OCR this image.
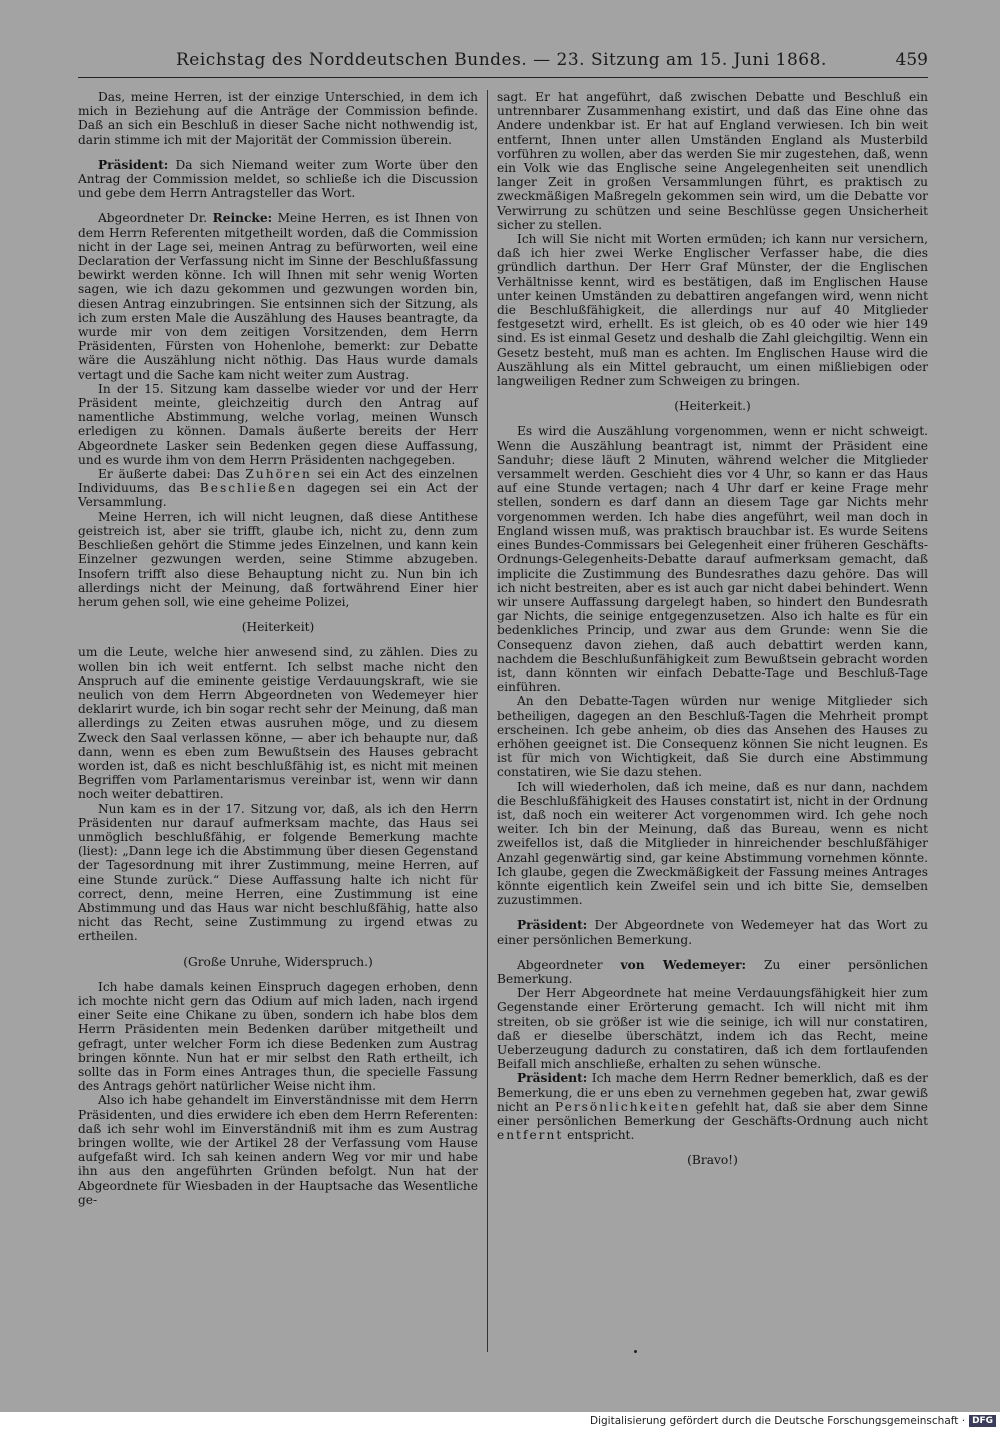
Reichstag des Norddeutschen Bundes. — 23. Sitzung am 15. Juni 1868.	459

Das, meine Herren, ist der einzige Unterschied, in dem ich mich in Beziehung auf die Anträge der Commission befinde. Daß an sich ein Beschluß in dieser Sache nicht nothwendig ist, darin stimme ich mit der Majorität der Commission überein.

Präsident: Da sich Niemand weiter zum Worte über den Antrag der Commission meldet, so schließe ich die Discussion und gebe dem Herrn Antragsteller das Wort.

Abgeordneter Dr. Reincke: Meine Herren, es ist Ihnen von dem Herrn Referenten mitgetheilt worden, daß die Commission nicht in der Lage sei, meinen Antrag zu befürworten, weil eine Declaration der Verfassung nicht im Sinne der Beschlußfassung bewirkt werden könne. Ich will Ihnen mit sehr wenig Worten sagen, wie ich dazu gekommen und gezwungen worden bin, diesen Antrag einzubringen. Sie entsinnen sich der Sitzung, als ich zum ersten Male die Auszählung des Hauses beantragte, da wurde mir von dem zeitigen Vorsitzenden, dem Herrn Präsidenten, Fürsten von Hohenlohe, bemerkt: zur Debatte wäre die Auszählung nicht nöthig. Das Haus wurde damals vertagt und die Sache kam nicht weiter zum Austrag.

In der 15. Sitzung kam dasselbe wieder vor und der Herr Präsident meinte, gleichzeitig durch den Antrag auf namentliche Abstimmung, welche vorlag, meinen Wunsch erledigen zu können. Damals äußerte bereits der Herr Abgeordnete Lasker sein Bedenken gegen diese Auffassung, und es wurde ihm von dem Herrn Präsidenten nachgegeben.

Er äußerte dabei: Das Zuhören sei ein Act des einzelnen Individuums, das Beschließen dagegen sei ein Act der Versammlung.

Meine Herren, ich will nicht leugnen, daß diese Antithese geistreich ist, aber sie trifft, glaube ich, nicht zu, denn zum Beschließen gehört die Stimme jedes Einzelnen, und kann kein Einzelner gezwungen werden, seine Stimme abzugeben. Insofern trifft also diese Behauptung nicht zu. Nun bin ich allerdings nicht der Meinung, daß fortwährend Einer hier herum gehen soll, wie eine geheime Polizei,

(Heiterkeit)

um die Leute, welche hier anwesend sind, zu zählen. Dies zu wollen bin ich weit entfernt. Ich selbst mache nicht den Anspruch auf die eminente geistige Verdauungskraft, wie sie neulich von dem Herrn Abgeordneten von Wedemeyer hier deklarirt wurde, ich bin sogar recht sehr der Meinung, daß man allerdings zu Zeiten etwas ausruhen möge, und zu diesem Zweck den Saal verlassen könne, — aber ich behaupte nur, daß dann, wenn es eben zum Bewußtsein des Hauses gebracht worden ist, daß es nicht beschlußfähig ist, es nicht mit meinen Begriffen vom Parlamentarismus vereinbar ist, wenn wir dann noch weiter debattiren.

Nun kam es in der 17. Sitzung vor, daß, als ich den Herrn Präsidenten nur darauf aufmerksam machte, das Haus sei unmöglich beschlußfähig, er folgende Bemerkung machte (liest): „Dann lege ich die Abstimmung über diesen Gegenstand der Tagesordnung mit ihrer Zustimmung, meine Herren, auf eine Stunde zurück.“ Diese Auffassung halte ich nicht für correct, denn, meine Herren, eine Zustimmung ist eine Abstimmung und das Haus war nicht beschlußfähig, hatte also nicht das Recht, seine Zustimmung zu irgend etwas zu ertheilen.

(Große Unruhe, Widerspruch.)

Ich habe damals keinen Einspruch dagegen erhoben, denn ich mochte nicht gern das Odium auf mich laden, nach irgend einer Seite eine Chikane zu üben, sondern ich habe blos dem Herrn Präsidenten mein Bedenken darüber mitgetheilt und gefragt, unter welcher Form ich diese Bedenken zum Austrag bringen könnte. Nun hat er mir selbst den Rath ertheilt, ich sollte das in Form eines Antrages thun, die specielle Fassung des Antrags gehört natürlicher Weise nicht ihm.

Also ich habe gehandelt im Einverständnisse mit dem Herrn Präsidenten, und dies erwidere ich eben dem Herrn Referenten: daß ich sehr wohl im Einverständniß mit ihm es zum Austrag bringen wollte, wie der Artikel 28 der Verfassung vom Hause aufgefaßt wird. Ich sah keinen andern Weg vor mir und habe ihn aus den angeführten Gründen befolgt. Nun hat der Abgeordnete für Wiesbaden in der Hauptsache das Wesentliche ge-

sagt. Er hat angeführt, daß zwischen Debatte und Beschluß ein untrennbarer Zusammenhang existirt, und daß das Eine ohne das Andere undenkbar ist. Er hat auf England verwiesen. Ich bin weit entfernt, Ihnen unter allen Umständen England als Musterbild vorführen zu wollen, aber das werden Sie mir zugestehen, daß, wenn ein Volk wie das Englische seine Angelegenheiten seit unendlich langer Zeit in großen Versammlungen führt, es praktisch zu zweckmäßigen Maßregeln gekommen sein wird, um die Debatte vor Verwirrung zu schützen und seine Beschlüsse gegen Unsicherheit sicher zu stellen.

Ich will Sie nicht mit Worten ermüden; ich kann nur versichern, daß ich hier zwei Werke Englischer Verfasser habe, die dies gründlich darthun. Der Herr Graf Münster, der die Englischen Verhältnisse kennt, wird es bestätigen, daß im Englischen Hause unter keinen Umständen zu debattiren angefangen wird, wenn nicht die Beschlußfähigkeit, die allerdings nur auf 40 Mitglieder festgesetzt wird, erhellt. Es ist gleich, ob es 40 oder wie hier 149 sind. Es ist einmal Gesetz und deshalb die Zahl gleichgiltig. Wenn ein Gesetz besteht, muß man es achten. Im Englischen Hause wird die Auszählung als ein Mittel gebraucht, um einen mißliebigen oder langweiligen Redner zum Schweigen zu bringen.

(Heiterkeit.)

Es wird die Auszählung vorgenommen, wenn er nicht schweigt. Wenn die Auszählung beantragt ist, nimmt der Präsident eine Sanduhr; diese läuft 2 Minuten, während welcher die Mitglieder versammelt werden. Geschieht dies vor 4 Uhr, so kann er das Haus auf eine Stunde vertagen; nach 4 Uhr darf er keine Frage mehr stellen, sondern es darf dann an diesem Tage gar Nichts mehr vorgenommen werden. Ich habe dies angeführt, weil man doch in England wissen muß, was praktisch brauchbar ist. Es wurde Seitens eines Bundes-Commissars bei Gelegenheit einer früheren Geschäfts-Ordnungs-Gelegenheits-Debatte darauf aufmerksam gemacht, daß implicite die Zustimmung des Bundesrathes dazu gehöre. Das will ich nicht bestreiten, aber es ist auch gar nicht dabei behindert. Wenn wir unsere Auffassung dargelegt haben, so hindert den Bundesrath gar Nichts, die seinige entgegenzusetzen. Also ich halte es für ein bedenkliches Princip, und zwar aus dem Grunde: wenn Sie die Consequenz davon ziehen, daß auch debattirt werden kann, nachdem die Beschlußunfähigkeit zum Bewußtsein gebracht worden ist, dann könnten wir einfach Debatte-Tage und Beschluß-Tage einführen.

An den Debatte-Tagen würden nur wenige Mitglieder sich betheiligen, dagegen an den Beschluß-Tagen die Mehrheit prompt erscheinen. Ich gebe anheim, ob dies das Ansehen des Hauses zu erhöhen geeignet ist. Die Consequenz können Sie nicht leugnen. Es ist für mich von Wichtigkeit, daß Sie durch eine Abstimmung constatiren, wie Sie dazu stehen.

Ich will wiederholen, daß ich meine, daß es nur dann, nachdem die Beschlußfähigkeit des Hauses constatirt ist, nicht in der Ordnung ist, daß noch ein weiterer Act vorgenommen wird. Ich gehe noch weiter. Ich bin der Meinung, daß das Bureau, wenn es nicht zweifellos ist, daß die Mitglieder in hinreichender beschlußfähiger Anzahl gegenwärtig sind, gar keine Abstimmung vornehmen könnte. Ich glaube, gegen die Zweckmäßigkeit der Fassung meines Antrages könnte eigentlich kein Zweifel sein und ich bitte Sie, demselben zuzustimmen.

Präsident: Der Abgeordnete von Wedemeyer hat das Wort zu einer persönlichen Bemerkung.

Abgeordneter von Wedemeyer: Zu einer persönlichen Bemerkung.

Der Herr Abgeordnete hat meine Verdauungsfähigkeit hier zum Gegenstande einer Erörterung gemacht. Ich will nicht mit ihm streiten, ob sie größer ist wie die seinige, ich will nur constatiren, daß er dieselbe überschätzt, indem ich das Recht, meine Ueberzeugung dadurch zu constatiren, daß ich dem fortlaufenden Beifall mich anschließe, erhalten zu sehen wünsche.

Präsident: Ich mache dem Herrn Redner bemerklich, daß es der Bemerkung, die er uns eben zu vernehmen gegeben hat, zwar gewiß nicht an Persönlichkeiten gefehlt hat, daß sie aber dem Sinne einer persönlichen Bemerkung der Geschäfts-Ordnung auch nicht entfernt entspricht.

(Bravo!)

Digitalisierung gefördert durch die Deutsche Forschungsgemeinschaft · DFG
